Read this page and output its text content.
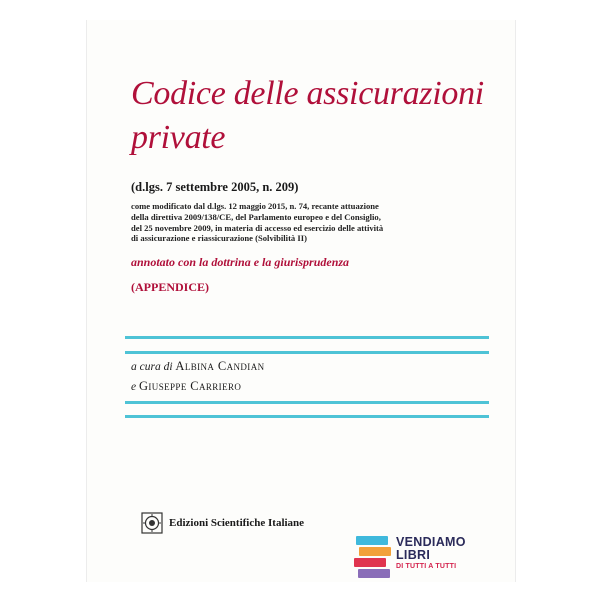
Codice delle assicurazioni
private
(d.lgs. 7 settembre 2005, n. 209)
come modificato dal d.lgs. 12 maggio 2015, n. 74, recante attuazione
della direttiva 2009/138/CE, del Parlamento europeo e del Consiglio,
del 25 novembre 2009, in materia di accesso ed esercizio delle attività
di assicurazione e riassicurazione (Solvibilità II)
annotato con la dottrina e la giurisprudenza
(APPENDICE)
a cura di Albina Candian
e Giuseppe Carriero
Edizioni Scientifiche Italiane
VENDIAMO
LIBRI
DI TUTTI A TUTTI
